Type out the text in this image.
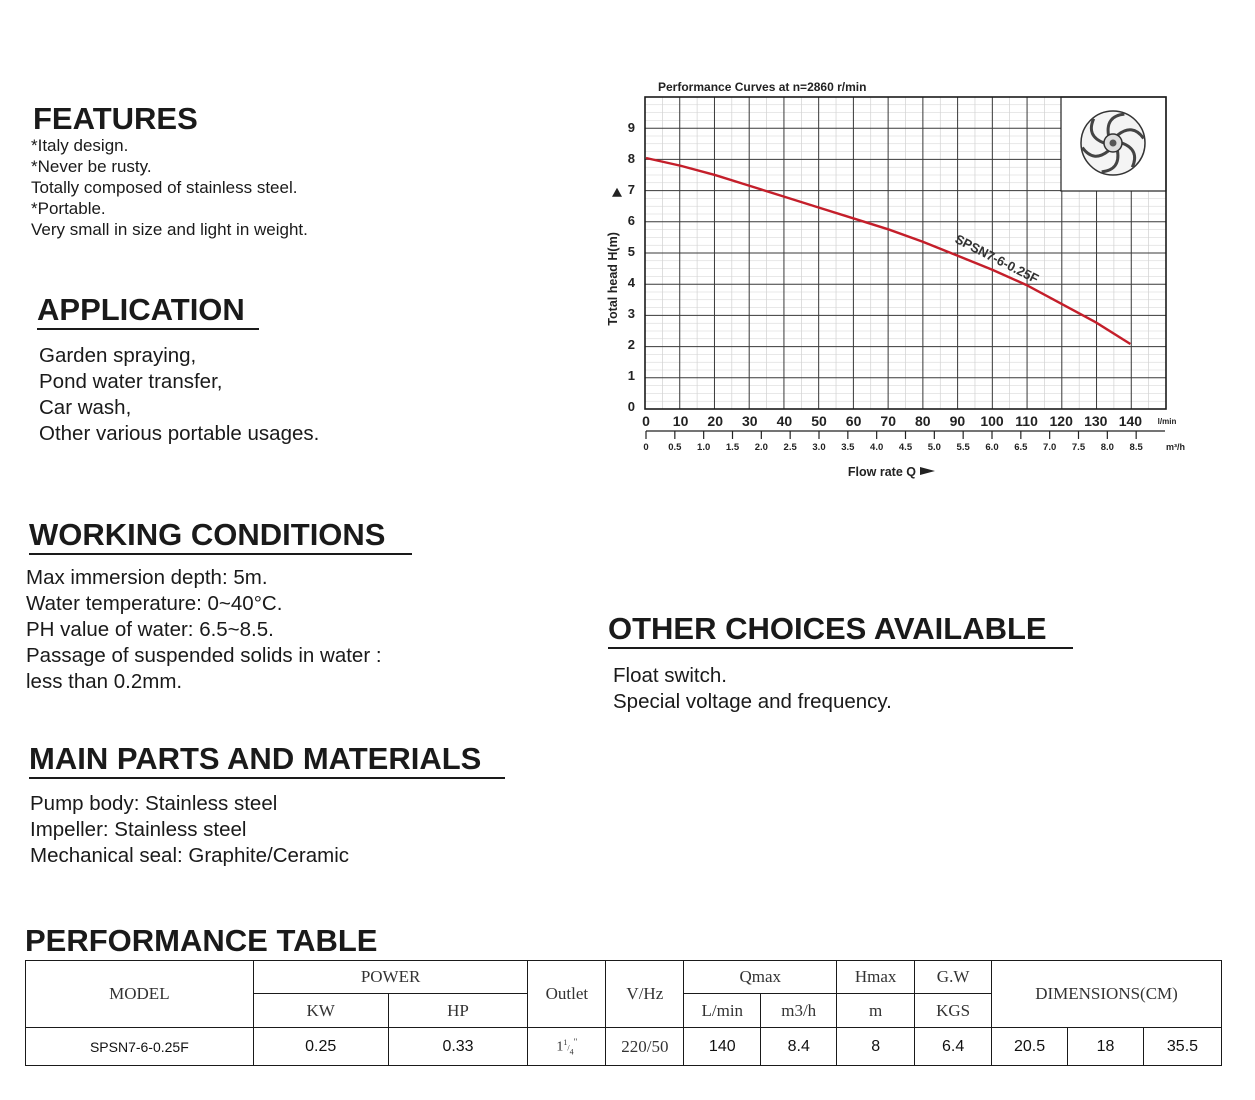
FEATURES
*Italy design.
*Never be rusty.
Totally composed of stainless steel.
*Portable.
Very small in size and light in weight.
APPLICATION
Garden spraying,
Pond water transfer,
Car wash,
Other various portable usages.
WORKING CONDITIONS
Max immersion depth: 5m.
Water temperature: 0~40°C.
PH value of water: 6.5~8.5.
Passage of suspended solids in water :
less than 0.2mm.
MAIN PARTS AND MATERIALS
Pump body: Stainless steel
Impeller: Stainless steel
Mechanical seal: Graphite/Ceramic
OTHER CHOICES AVAILABLE
Float switch.
Special voltage and frequency.
PERFORMANCE TABLE
MODEL	POWER		Outlet	V/Hz	Qmax		Hmax	G.W	DIMENSIONS(CM)		
	KW	HP			L/min	m3/h	m	KGS			
SPSN7-6-0.25F	0.25	0.33	$1^1/_4^"$	220/50	140	8.4	8	6.4	20.5	18	35.5
Performance Curves at n=2860 r/min
0
1
2
3
4
5
6
7
8
9
Total head H(m)
0 10 20 30 40 50 60 70 80 90 100 110 120 130 140 l/min
0 0.5 1.0 1.5 2.0 2.5 3.0 3.5 4.0 4.5 5.0 5.5 6.0 6.5 7.0 7.5 8.0 8.5	m³/h
Flow rate Q
SPSN7-6-0.25F
